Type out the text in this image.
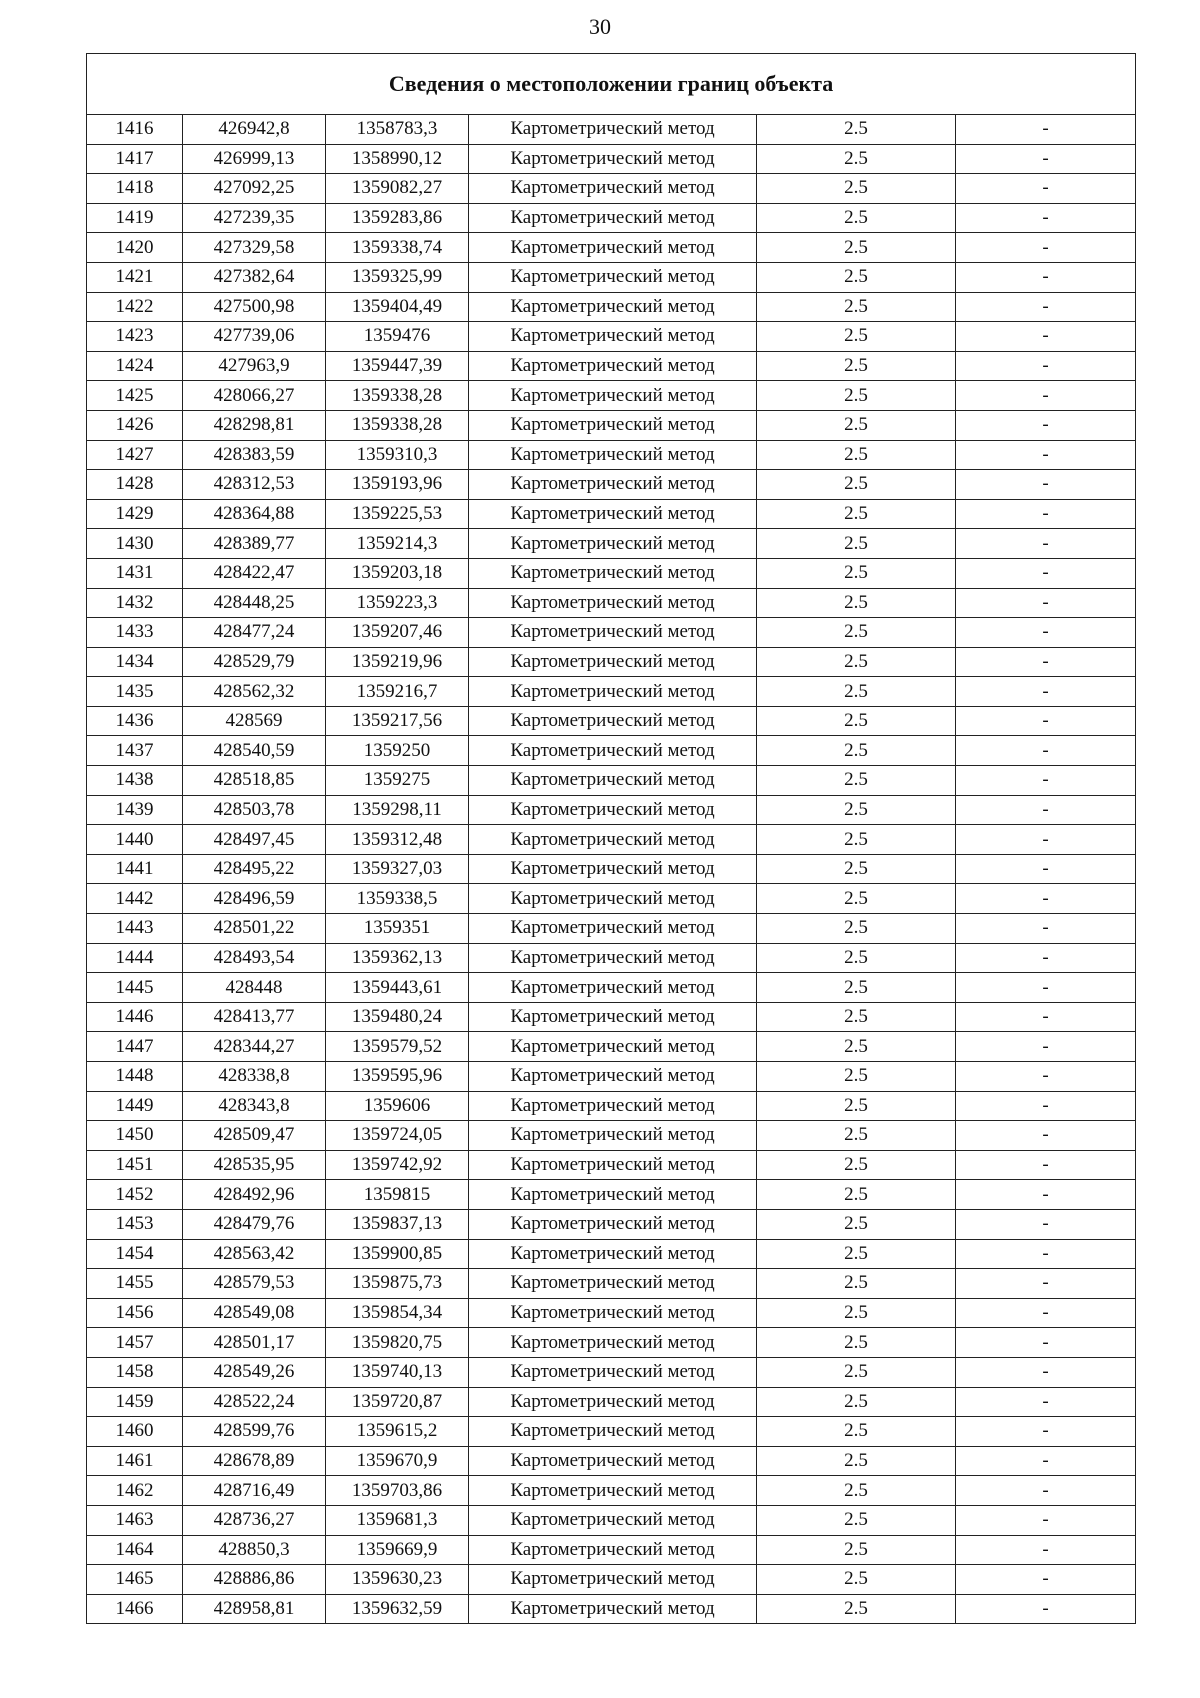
30
Сведения о местоположении границ объекта					
1416	426942,8	1358783,3	Картометрический метод	2.5	-
1417	426999,13	1358990,12	Картометрический метод	2.5	-
1418	427092,25	1359082,27	Картометрический метод	2.5	-
1419	427239,35	1359283,86	Картометрический метод	2.5	-
1420	427329,58	1359338,74	Картометрический метод	2.5	-
1421	427382,64	1359325,99	Картометрический метод	2.5	-
1422	427500,98	1359404,49	Картометрический метод	2.5	-
1423	427739,06	1359476	Картометрический метод	2.5	-
1424	427963,9	1359447,39	Картометрический метод	2.5	-
1425	428066,27	1359338,28	Картометрический метод	2.5	-
1426	428298,81	1359338,28	Картометрический метод	2.5	-
1427	428383,59	1359310,3	Картометрический метод	2.5	-
1428	428312,53	1359193,96	Картометрический метод	2.5	-
1429	428364,88	1359225,53	Картометрический метод	2.5	-
1430	428389,77	1359214,3	Картометрический метод	2.5	-
1431	428422,47	1359203,18	Картометрический метод	2.5	-
1432	428448,25	1359223,3	Картометрический метод	2.5	-
1433	428477,24	1359207,46	Картометрический метод	2.5	-
1434	428529,79	1359219,96	Картометрический метод	2.5	-
1435	428562,32	1359216,7	Картометрический метод	2.5	-
1436	428569	1359217,56	Картометрический метод	2.5	-
1437	428540,59	1359250	Картометрический метод	2.5	-
1438	428518,85	1359275	Картометрический метод	2.5	-
1439	428503,78	1359298,11	Картометрический метод	2.5	-
1440	428497,45	1359312,48	Картометрический метод	2.5	-
1441	428495,22	1359327,03	Картометрический метод	2.5	-
1442	428496,59	1359338,5	Картометрический метод	2.5	-
1443	428501,22	1359351	Картометрический метод	2.5	-
1444	428493,54	1359362,13	Картометрический метод	2.5	-
1445	428448	1359443,61	Картометрический метод	2.5	-
1446	428413,77	1359480,24	Картометрический метод	2.5	-
1447	428344,27	1359579,52	Картометрический метод	2.5	-
1448	428338,8	1359595,96	Картометрический метод	2.5	-
1449	428343,8	1359606	Картометрический метод	2.5	-
1450	428509,47	1359724,05	Картометрический метод	2.5	-
1451	428535,95	1359742,92	Картометрический метод	2.5	-
1452	428492,96	1359815	Картометрический метод	2.5	-
1453	428479,76	1359837,13	Картометрический метод	2.5	-
1454	428563,42	1359900,85	Картометрический метод	2.5	-
1455	428579,53	1359875,73	Картометрический метод	2.5	-
1456	428549,08	1359854,34	Картометрический метод	2.5	-
1457	428501,17	1359820,75	Картометрический метод	2.5	-
1458	428549,26	1359740,13	Картометрический метод	2.5	-
1459	428522,24	1359720,87	Картометрический метод	2.5	-
1460	428599,76	1359615,2	Картометрический метод	2.5	-
1461	428678,89	1359670,9	Картометрический метод	2.5	-
1462	428716,49	1359703,86	Картометрический метод	2.5	-
1463	428736,27	1359681,3	Картометрический метод	2.5	-
1464	428850,3	1359669,9	Картометрический метод	2.5	-
1465	428886,86	1359630,23	Картометрический метод	2.5	-
1466	428958,81	1359632,59	Картометрический метод	2.5	-
